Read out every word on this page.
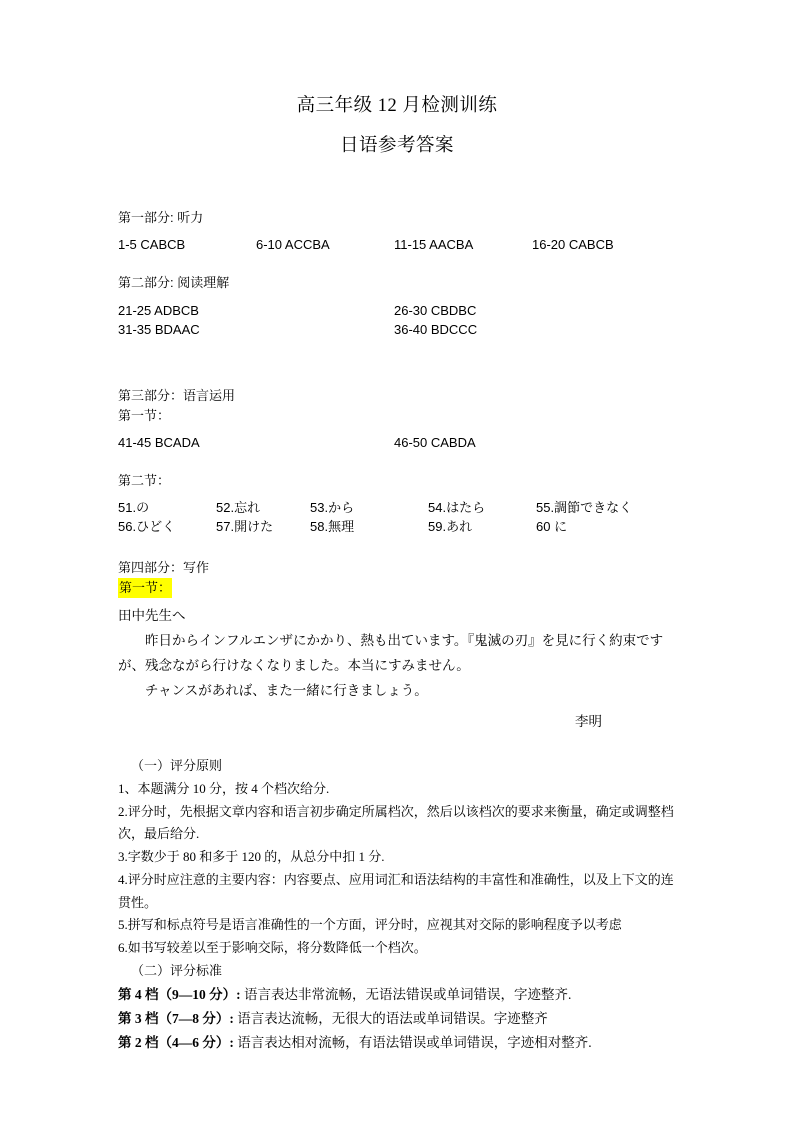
高三年级 12 月检测训练
日语参考答案
第一部分: 听力
1-5 CABCB	6-10 ACCBA	11-15 AACBA	16-20 CABCB
第二部分: 阅读理解
21-25 ADBCB	26-30 CBDBC
31-35 BDAAC	36-40 BDCCC
第三部分：语言运用
第一节：
41-45 BCADA	46-50 CABDA
第二节：
51.の	52.忘れ	53.から	54.はたら	55.調節できなく
56.ひどく	57.開けた	58.無理	59.あれ	60 に
第四部分：写作
第一节：
田中先生へ
昨日からインフルエンザにかかり、熱も出ています。『鬼滅の刃』を見に行く約束ですが、残念ながら行けなくなりました。本当にすみません。
チャンスがあれば、また一緒に行きましょう。
李明
（一）评分原则
1、本题满分 10 分，按 4 个档次给分.
2.评分时，先根据文章内容和语言初步确定所属档次，然后以该档次的要求来衡量，确定或调整档次，最后给分.
3.字数少于 80 和多于 120 的，从总分中扣 1 分.
4.评分时应注意的主要内容：内容要点、应用词汇和语法结构的丰富性和准确性，以及上下文的连贯性。
5.拼写和标点符号是语言准确性的一个方面，评分时，应视其对交际的影响程度予以考虑
6.如书写较差以至于影响交际，将分数降低一个档次。
（二）评分标准
第 4 档（9—10 分）: 语言表达非常流畅，无语法错误或单词错误，字迹整齐.
第 3 档（7—8 分）: 语言表达流畅，无很大的语法或单词错误。字迹整齐
第 2 档（4—6 分）: 语言表达相对流畅，有语法错误或单词错误，字迹相对整齐.
